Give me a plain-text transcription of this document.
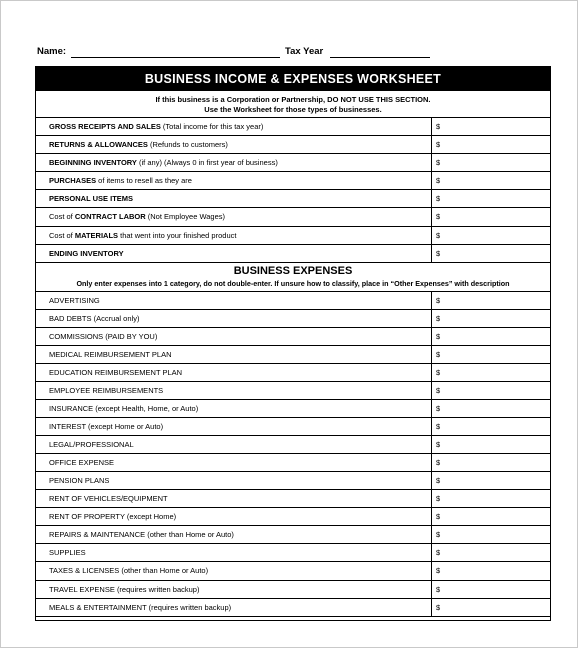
Name:	Tax Year
BUSINESS INCOME & EXPENSES WORKSHEET
If this business is a Corporation or Partnership, DO NOT USE THIS SECTION.
Use the Worksheet for those types of businesses.
GROSS RECEIPTS AND SALES (Total income for this tax year)	$
RETURNS & ALLOWANCES (Refunds to customers)	$
BEGINNING INVENTORY (if any) (Always 0 in first year of business)	$
PURCHASES of items to resell as they are	$
PERSONAL USE ITEMS	$
Cost of CONTRACT LABOR (Not Employee Wages)	$
Cost of MATERIALS that went into your finished product	$
ENDING INVENTORY	$
BUSINESS EXPENSES
Only enter expenses into 1 category, do not double-enter. If unsure how to classify, place in “Other Expenses” with description
ADVERTISING	$
BAD DEBTS (Accrual only)	$
COMMISSIONS (PAID BY YOU)	$
MEDICAL REIMBURSEMENT PLAN	$
EDUCATION REIMBURSEMENT PLAN	$
EMPLOYEE REIMBURSEMENTS	$
INSURANCE (except Health, Home, or Auto)	$
INTEREST (except Home or Auto)	$
LEGAL/PROFESSIONAL	$
OFFICE EXPENSE	$
PENSION PLANS	$
RENT OF VEHICLES/EQUIPMENT	$
RENT OF PROPERTY (except Home)	$
REPAIRS & MAINTENANCE (other than Home or Auto)	$
SUPPLIES	$
TAXES & LICENSES (other than Home or Auto)	$
TRAVEL EXPENSE (requires written backup)	$
MEALS & ENTERTAINMENT (requires written backup)	$
